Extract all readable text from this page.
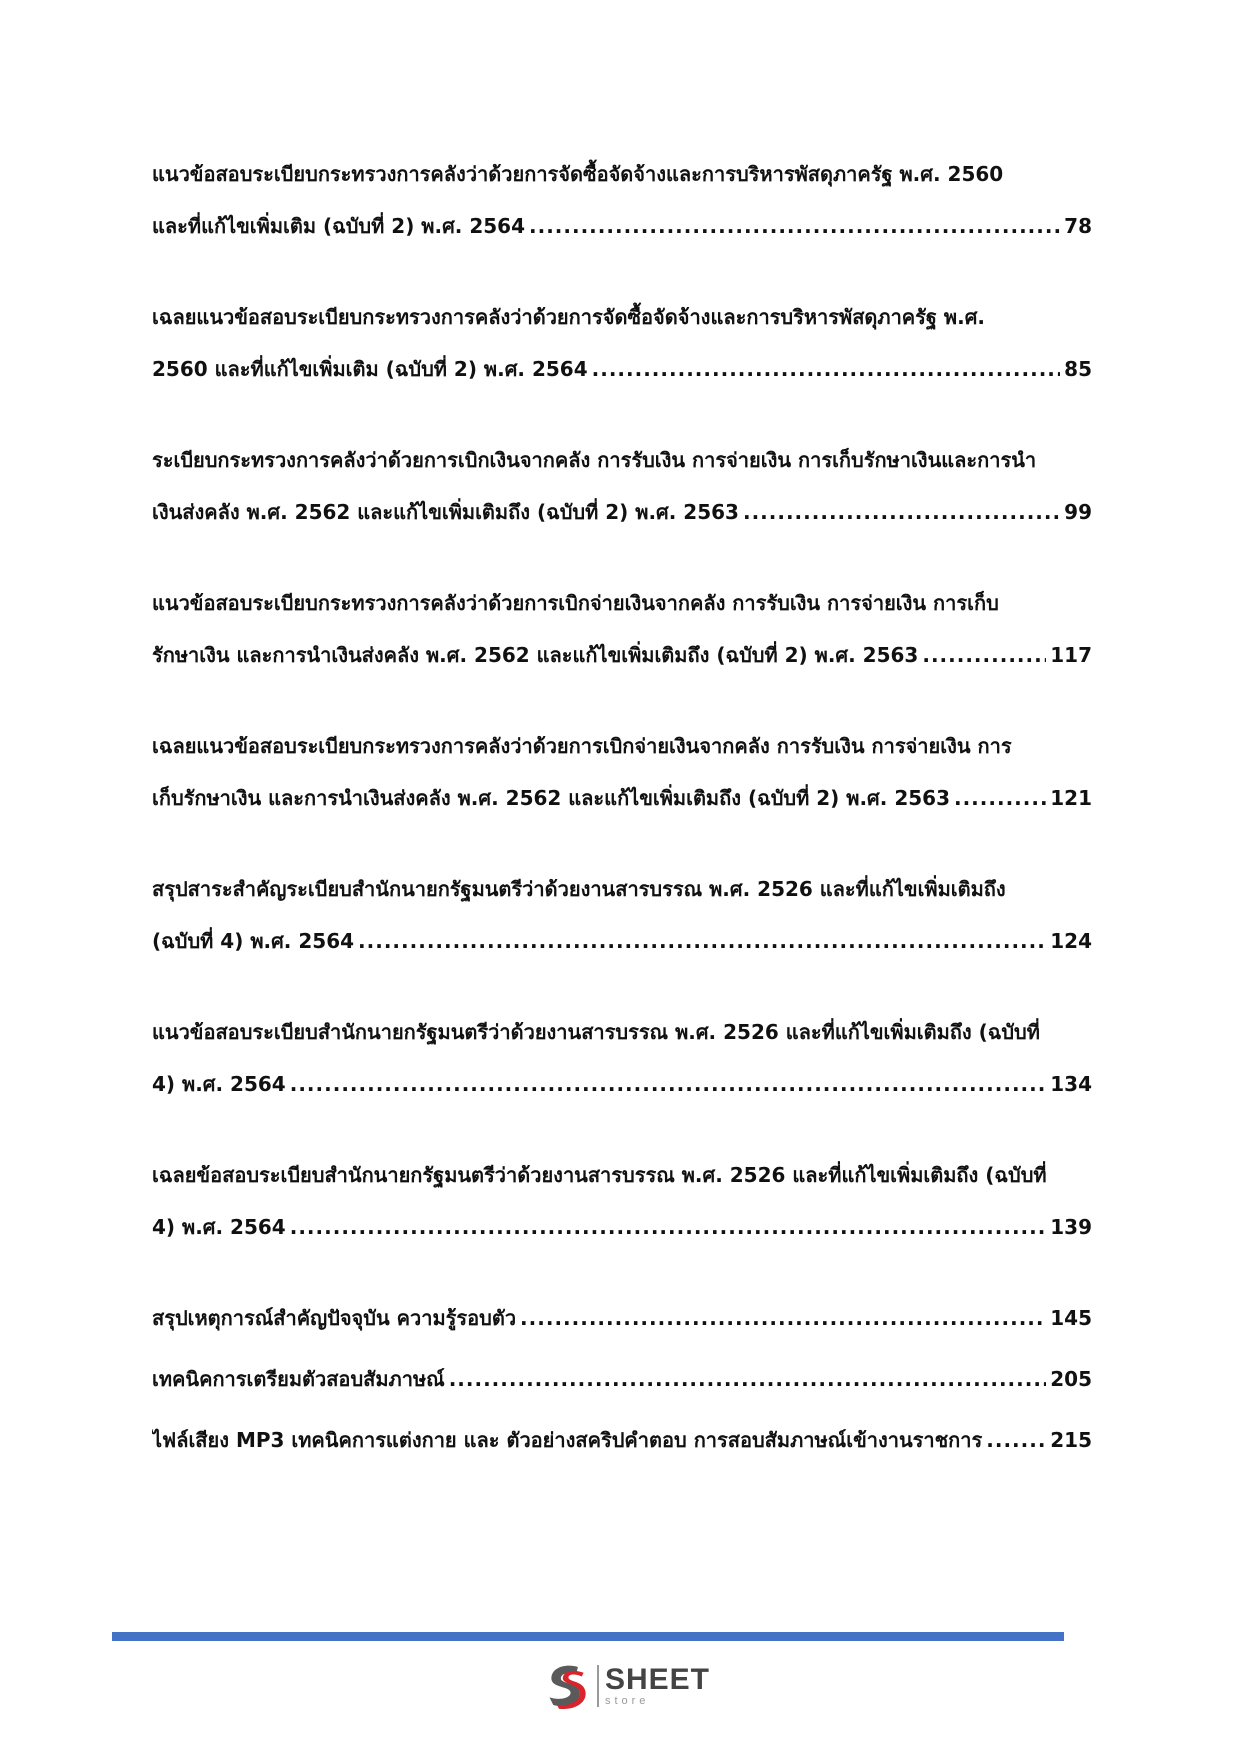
แนวข้อสอบระเบียบกระทรวงการคลังว่าด้วยการจัดซื้อจัดจ้างและการบริหารพัสดุภาครัฐ พ.ศ. 2560
และที่แก้ไขเพิ่มเติม (ฉบับที่ 2) พ.ศ. 2564 .....	78
เฉลยแนวข้อสอบระเบียบกระทรวงการคลังว่าด้วยการจัดซื้อจัดจ้างและการบริหารพัสดุภาครัฐ พ.ศ.
2560 และที่แก้ไขเพิ่มเติม (ฉบับที่ 2) พ.ศ. 2564 .....	85
ระเบียบกระทรวงการคลังว่าด้วยการเบิกเงินจากคลัง การรับเงิน การจ่ายเงิน การเก็บรักษาเงินและการนำ
เงินส่งคลัง พ.ศ. 2562 และแก้ไขเพิ่มเติมถึง (ฉบับที่ 2) พ.ศ. 2563 .....	99
แนวข้อสอบระเบียบกระทรวงการคลังว่าด้วยการเบิกจ่ายเงินจากคลัง การรับเงิน การจ่ายเงิน การเก็บ
รักษาเงิน และการนำเงินส่งคลัง พ.ศ. 2562 และแก้ไขเพิ่มเติมถึง (ฉบับที่ 2) พ.ศ. 2563 .....	117
เฉลยแนวข้อสอบระเบียบกระทรวงการคลังว่าด้วยการเบิกจ่ายเงินจากคลัง การรับเงิน การจ่ายเงิน การ
เก็บรักษาเงิน และการนำเงินส่งคลัง พ.ศ. 2562 และแก้ไขเพิ่มเติมถึง (ฉบับที่ 2) พ.ศ. 2563 .....	121
สรุปสาระสำคัญระเบียบสำนักนายกรัฐมนตรีว่าด้วยงานสารบรรณ พ.ศ. 2526 และที่แก้ไขเพิ่มเติมถึง
(ฉบับที่ 4) พ.ศ. 2564 .....	124
แนวข้อสอบระเบียบสำนักนายกรัฐมนตรีว่าด้วยงานสารบรรณ พ.ศ. 2526 และที่แก้ไขเพิ่มเติมถึง (ฉบับที่
4) พ.ศ. 2564 .....	134
เฉลยข้อสอบระเบียบสำนักนายกรัฐมนตรีว่าด้วยงานสารบรรณ พ.ศ. 2526 และที่แก้ไขเพิ่มเติมถึง (ฉบับที่
4) พ.ศ. 2564 .....	139
สรุปเหตุการณ์สำคัญปัจจุบัน ความรู้รอบตัว .....	145
เทคนิคการเตรียมตัวสอบสัมภาษณ์ .....	205
ไฟล์เสียง MP3 เทคนิคการแต่งกาย และ ตัวอย่างสคริปคำตอบ การสอบสัมภาษณ์เข้างานราชการ .....	215
SHEET
store
